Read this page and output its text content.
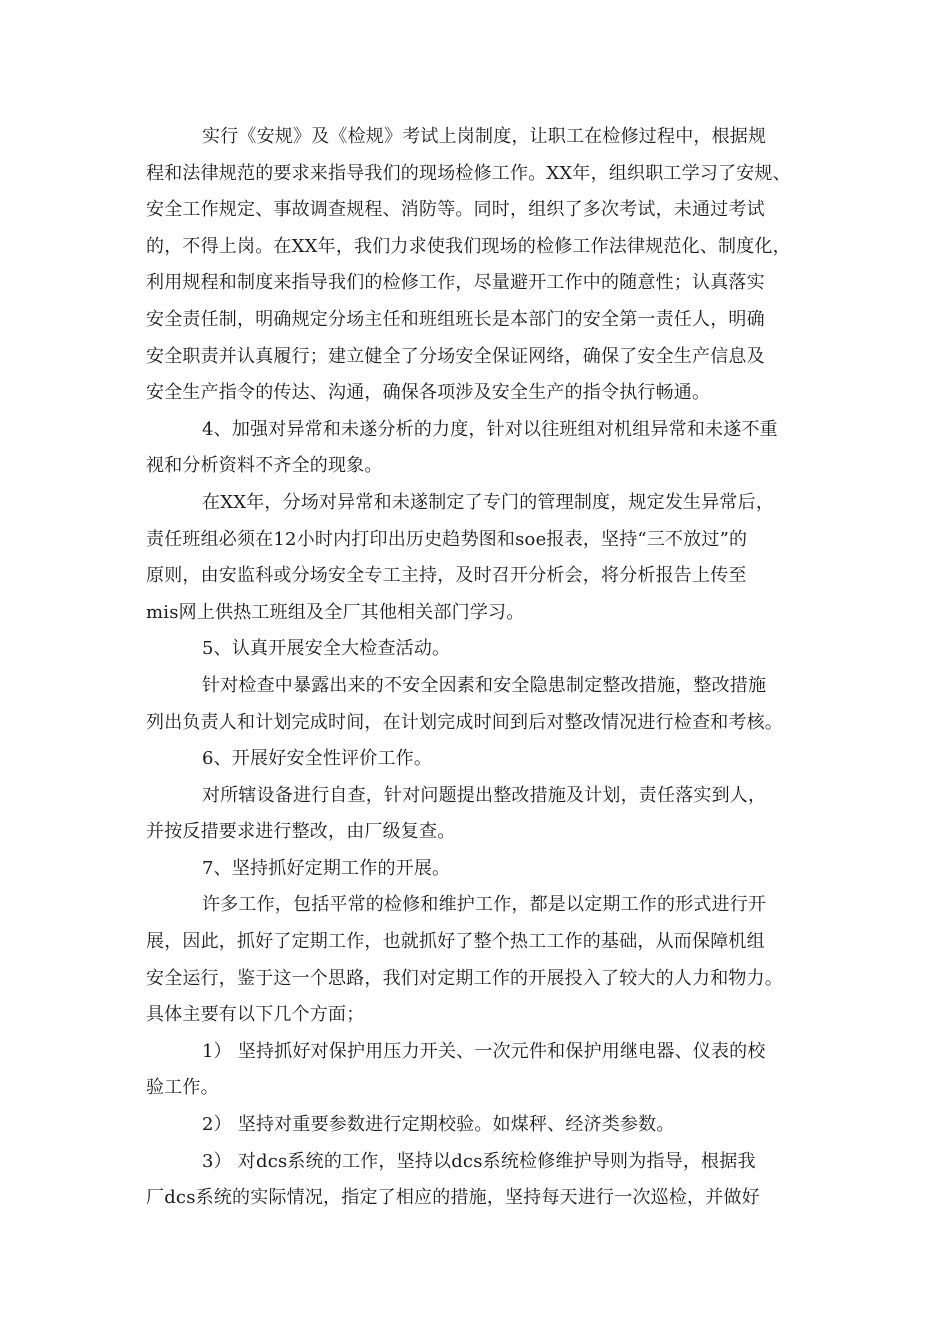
实行《安规》及《检规》考试上岗制度，让职工在检修过程中，根据规
程和法律规范的要求来指导我们的现场检修工作。XX年，组织职工学习了安规、
安全工作规定、事故调查规程、消防等。同时，组织了多次考试，未通过考试
的，不得上岗。在XX年，我们力求使我们现场的检修工作法律规范化、制度化，
利用规程和制度来指导我们的检修工作，尽量避开工作中的随意性；认真落实
安全责任制，明确规定分场主任和班组班长是本部门的安全第一责任人，明确
安全职责并认真履行；建立健全了分场安全保证网络，确保了安全生产信息及
安全生产指令的传达、沟通，确保各项涉及安全生产的指令执行畅通。
4、加强对异常和未遂分析的力度，针对以往班组对机组异常和未遂不重
视和分析资料不齐全的现象。
在XX年，分场对异常和未遂制定了专门的管理制度，规定发生异常后，
责任班组必须在12小时内打印出历史趋势图和soe报表，坚持“三不放过”的
原则，由安监科或分场安全专工主持，及时召开分析会，将分析报告上传至
mis网上供热工班组及全厂其他相关部门学习。
5、认真开展安全大检查活动。
针对检查中暴露出来的不安全因素和安全隐患制定整改措施，整改措施
列出负责人和计划完成时间，在计划完成时间到后对整改情况进行检查和考核。
6、开展好安全性评价工作。
对所辖设备进行自查，针对问题提出整改措施及计划，责任落实到人，
并按反措要求进行整改，由厂级复查。
7、坚持抓好定期工作的开展。
许多工作，包括平常的检修和维护工作，都是以定期工作的形式进行开
展，因此，抓好了定期工作，也就抓好了整个热工工作的基础，从而保障机组
安全运行，鉴于这一个思路，我们对定期工作的开展投入了较大的人力和物力。
具体主要有以下几个方面；
1） 坚持抓好对保护用压力开关、一次元件和保护用继电器、仪表的校
验工作。
2） 坚持对重要参数进行定期校验。如煤秤、经济类参数。
3） 对dcs系统的工作，坚持以dcs系统检修维护导则为指导，根据我
厂dcs系统的实际情况，指定了相应的措施，坚持每天进行一次巡检，并做好
